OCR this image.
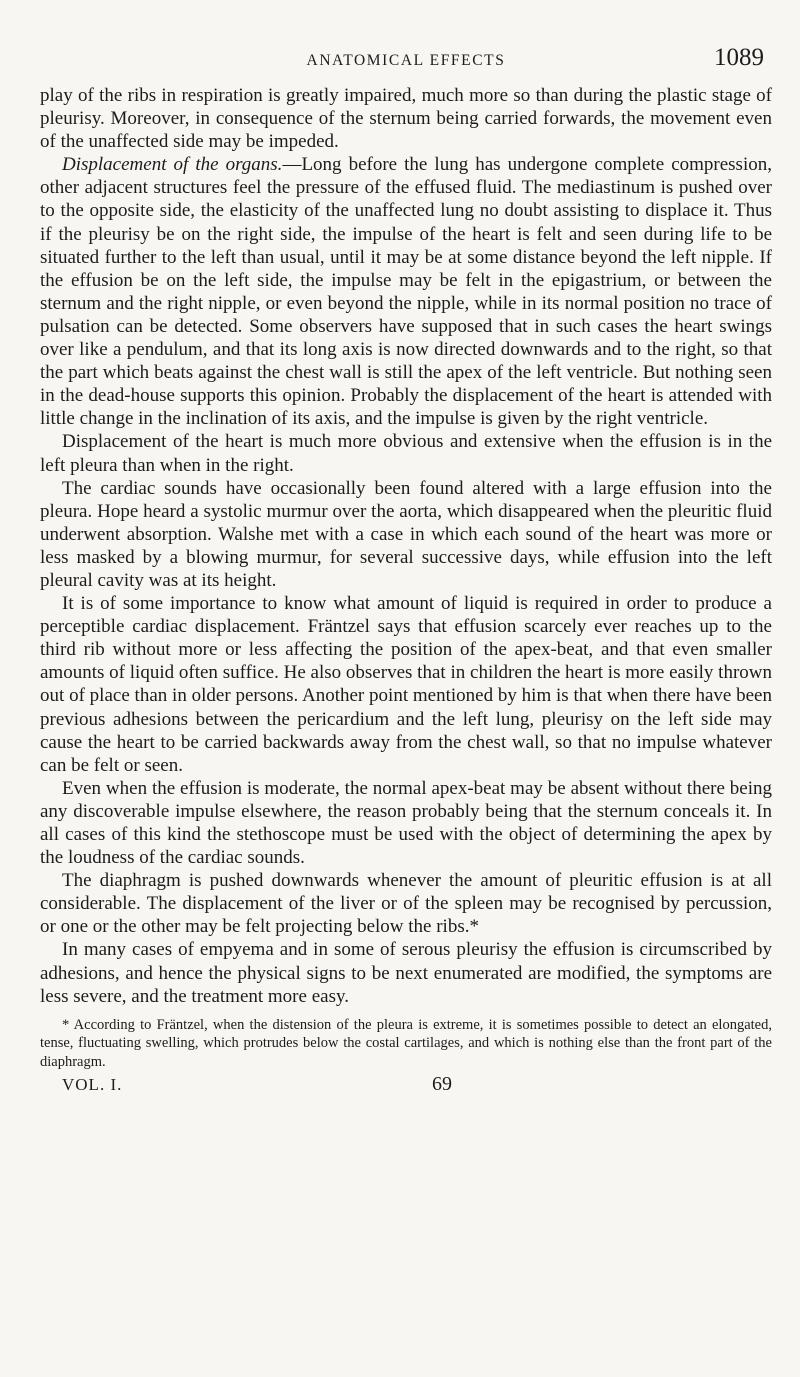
ANATOMICAL EFFECTS	1089

play of the ribs in respiration is greatly impaired, much more so than during the plastic stage of pleurisy. Moreover, in consequence of the sternum being carried forwards, the movement even of the unaffected side may be impeded.

Displacement of the organs.—Long before the lung has undergone complete compression, other adjacent structures feel the pressure of the effused fluid. The mediastinum is pushed over to the opposite side, the elasticity of the unaffected lung no doubt assisting to displace it. Thus if the pleurisy be on the right side, the impulse of the heart is felt and seen during life to be situated further to the left than usual, until it may be at some distance beyond the left nipple. If the effusion be on the left side, the impulse may be felt in the epigastrium, or between the sternum and the right nipple, or even beyond the nipple, while in its normal position no trace of pulsation can be detected. Some observers have supposed that in such cases the heart swings over like a pendulum, and that its long axis is now directed downwards and to the right, so that the part which beats against the chest wall is still the apex of the left ventricle. But nothing seen in the dead-house supports this opinion. Probably the displacement of the heart is attended with little change in the inclination of its axis, and the impulse is given by the right ventricle.

Displacement of the heart is much more obvious and extensive when the effusion is in the left pleura than when in the right.

The cardiac sounds have occasionally been found altered with a large effusion into the pleura. Hope heard a systolic murmur over the aorta, which disappeared when the pleuritic fluid underwent absorption. Walshe met with a case in which each sound of the heart was more or less masked by a blowing murmur, for several successive days, while effusion into the left pleural cavity was at its height.

It is of some importance to know what amount of liquid is required in order to produce a perceptible cardiac displacement. Fräntzel says that effusion scarcely ever reaches up to the third rib without more or less affecting the position of the apex-beat, and that even smaller amounts of liquid often suffice. He also observes that in children the heart is more easily thrown out of place than in older persons. Another point mentioned by him is that when there have been previous adhesions between the pericardium and the left lung, pleurisy on the left side may cause the heart to be carried backwards away from the chest wall, so that no impulse whatever can be felt or seen.

Even when the effusion is moderate, the normal apex-beat may be absent without there being any discoverable impulse elsewhere, the reason probably being that the sternum conceals it. In all cases of this kind the stethoscope must be used with the object of determining the apex by the loudness of the cardiac sounds.

The diaphragm is pushed downwards whenever the amount of pleuritic effusion is at all considerable. The displacement of the liver or of the spleen may be recognised by percussion, or one or the other may be felt projecting below the ribs.*

In many cases of empyema and in some of serous pleurisy the effusion is circumscribed by adhesions, and hence the physical signs to be next enumerated are modified, the symptoms are less severe, and the treatment more easy.

* According to Fräntzel, when the distension of the pleura is extreme, it is sometimes possible to detect an elongated, tense, fluctuating swelling, which protrudes below the costal cartilages, and which is nothing else than the front part of the diaphragm.
VOL. I.	69
